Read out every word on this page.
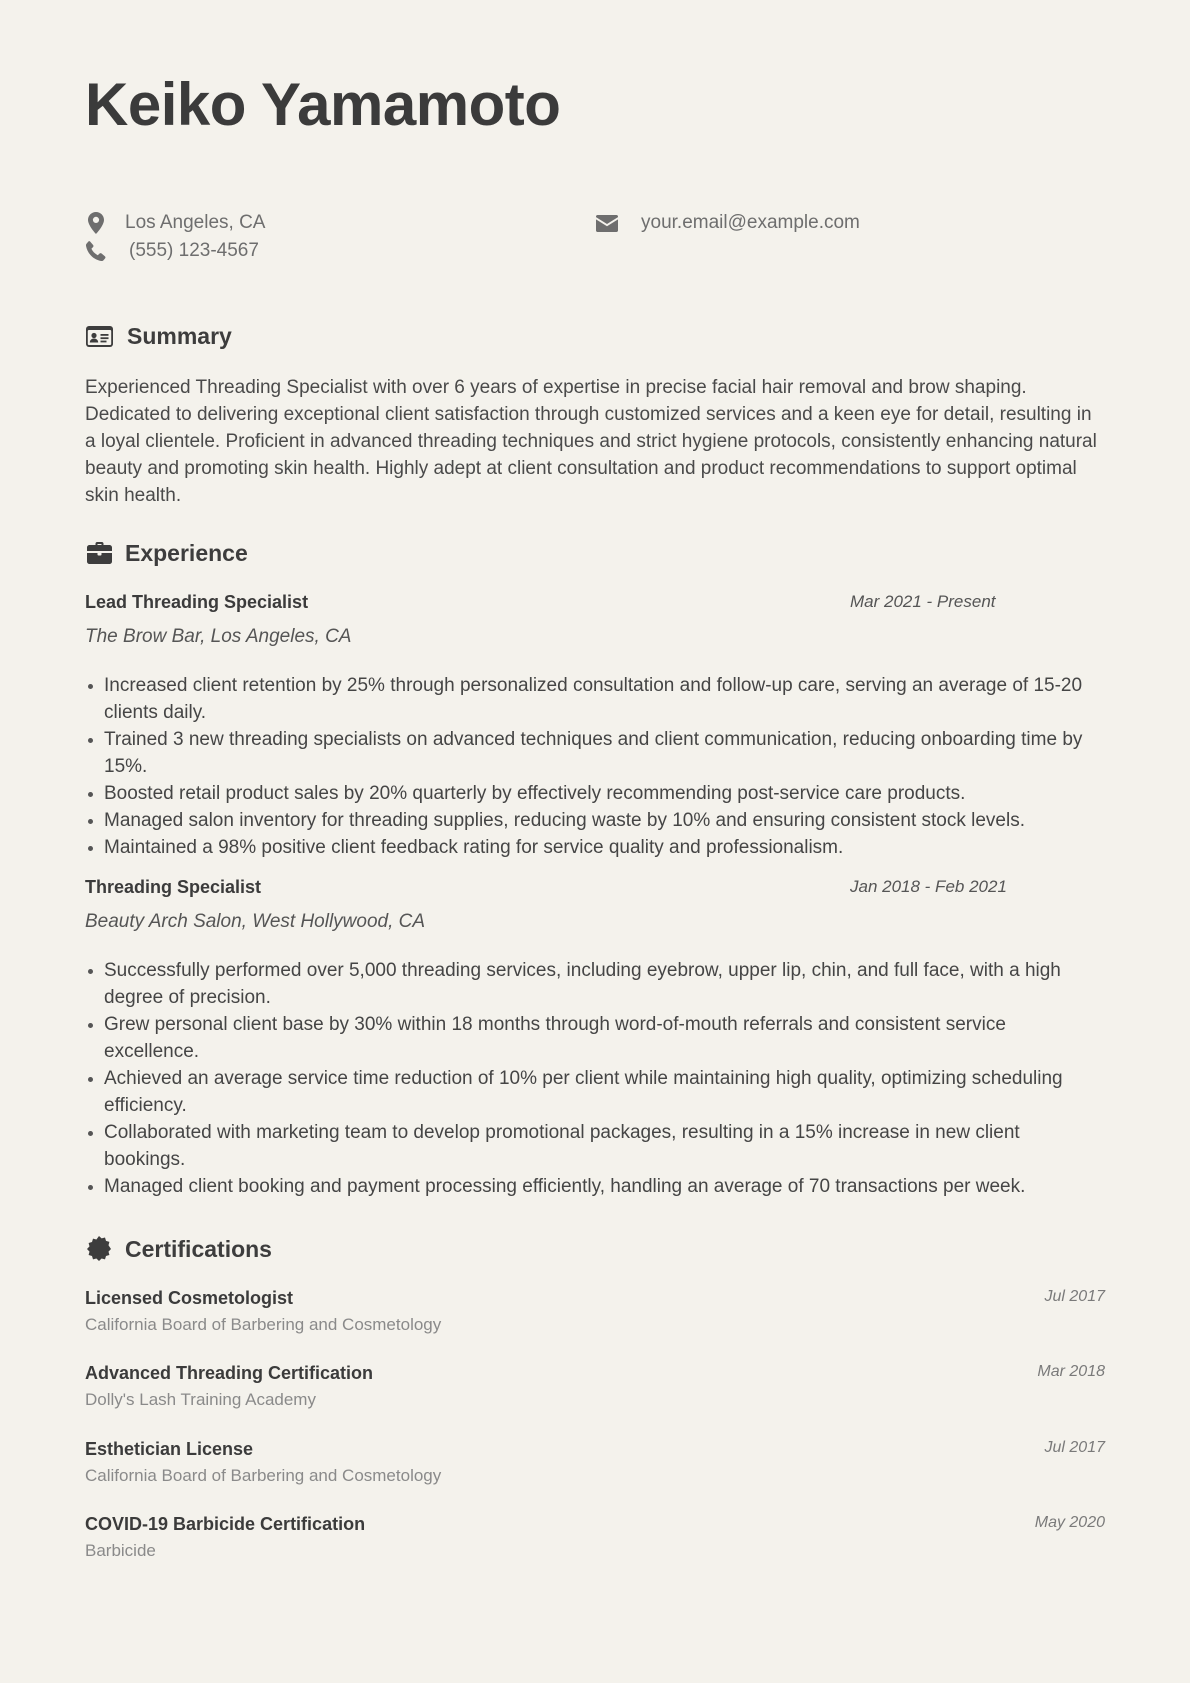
Keiko Yamamoto
Los Angeles, CA
(555) 123-4567
your.email@example.com
Summary

Experienced Threading Specialist with over 6 years of expertise in precise facial hair removal and brow shaping. Dedicated to delivering exceptional client satisfaction through customized services and a keen eye for detail, resulting in a loyal clientele. Proficient in advanced threading techniques and strict hygiene protocols, consistently enhancing natural beauty and promoting skin health. Highly adept at client consultation and product recommendations to support optimal skin health.

Experience
Lead Threading Specialist	Mar 2021 - Present
The Brow Bar, Los Angeles, CA
Increased client retention by 25% through personalized consultation and follow-up care, serving an average of 15-20 clients daily.
Trained 3 new threading specialists on advanced techniques and client communication, reducing onboarding time by 15%.
Boosted retail product sales by 20% quarterly by effectively recommending post-service care products.
Managed salon inventory for threading supplies, reducing waste by 10% and ensuring consistent stock levels.
Maintained a 98% positive client feedback rating for service quality and professionalism.
Threading Specialist	Jan 2018 - Feb 2021
Beauty Arch Salon, West Hollywood, CA
Successfully performed over 5,000 threading services, including eyebrow, upper lip, chin, and full face, with a high degree of precision.
Grew personal client base by 30% within 18 months through word-of-mouth referrals and consistent service excellence.
Achieved an average service time reduction of 10% per client while maintaining high quality, optimizing scheduling efficiency.
Collaborated with marketing team to develop promotional packages, resulting in a 15% increase in new client bookings.
Managed client booking and payment processing efficiently, handling an average of 70 transactions per week.
Certifications
Licensed Cosmetologist
California Board of Barbering and Cosmetology
Jul 2017
Advanced Threading Certification
Dolly's Lash Training Academy
Mar 2018
Esthetician License
California Board of Barbering and Cosmetology
Jul 2017
COVID-19 Barbicide Certification
Barbicide
May 2020
